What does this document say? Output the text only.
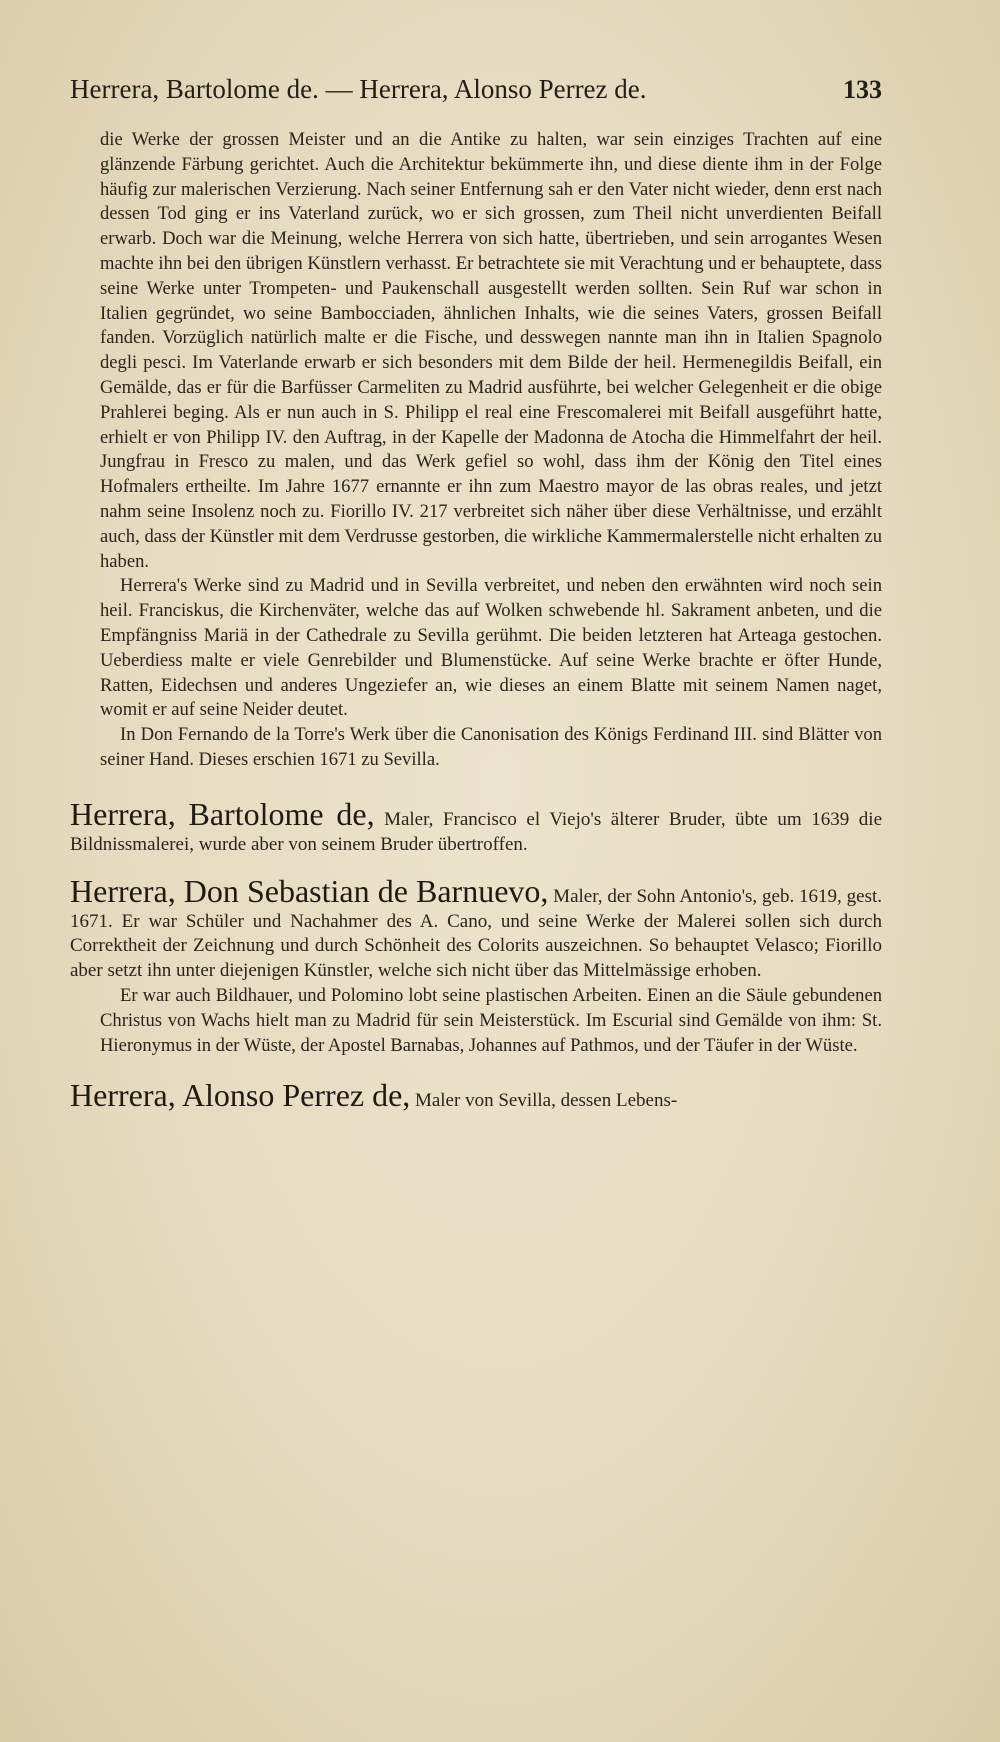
Herrera, Bartolome de. — Herrera, Alonso Perrez de.	133

die Werke der grossen Meister und an die Antike zu halten, war sein einziges Trachten auf eine glänzende Färbung gerichtet. Auch die Architektur bekümmerte ihn, und diese diente ihm in der Folge häufig zur malerischen Verzierung. Nach seiner Entfernung sah er den Vater nicht wieder, denn erst nach dessen Tod ging er ins Vaterland zurück, wo er sich grossen, zum Theil nicht unverdienten Beifall erwarb. Doch war die Meinung, welche Herrera von sich hatte, übertrieben, und sein arrogantes Wesen machte ihn bei den übrigen Künstlern verhasst. Er betrachtete sie mit Verachtung und er behauptete, dass seine Werke unter Trompeten- und Paukenschall ausgestellt werden sollten. Sein Ruf war schon in Italien gegründet, wo seine Bambocciaden, ähnlichen Inhalts, wie die seines Vaters, grossen Beifall fanden. Vorzüglich natürlich malte er die Fische, und desswegen nannte man ihn in Italien Spagnolo degli pesci. Im Vaterlande erwarb er sich besonders mit dem Bilde der heil. Hermenegildis Beifall, ein Gemälde, das er für die Barfüsser Carmeliten zu Madrid ausführte, bei welcher Gelegenheit er die obige Prahlerei beging. Als er nun auch in S. Philipp el real eine Frescomalerei mit Beifall ausgeführt hatte, erhielt er von Philipp IV. den Auftrag, in der Kapelle der Madonna de Atocha die Himmelfahrt der heil. Jungfrau in Fresco zu malen, und das Werk gefiel so wohl, dass ihm der König den Titel eines Hofmalers ertheilte. Im Jahre 1677 ernannte er ihn zum Maestro mayor de las obras reales, und jetzt nahm seine Insolenz noch zu. Fiorillo IV. 217 verbreitet sich näher über diese Verhältnisse, und erzählt auch, dass der Künstler mit dem Verdrusse gestorben, die wirkliche Kammermalerstelle nicht erhalten zu haben.

Herrera's Werke sind zu Madrid und in Sevilla verbreitet, und neben den erwähnten wird noch sein heil. Franciskus, die Kirchenväter, welche das auf Wolken schwebende hl. Sakrament anbeten, und die Empfängniss Mariä in der Cathedrale zu Sevilla gerühmt. Die beiden letzteren hat Arteaga gestochen. Ueberdiess malte er viele Genrebilder und Blumenstücke. Auf seine Werke brachte er öfter Hunde, Ratten, Eidechsen und anderes Ungeziefer an, wie dieses an einem Blatte mit seinem Namen naget, womit er auf seine Neider deutet.

In Don Fernando de la Torre's Werk über die Canonisation des Königs Ferdinand III. sind Blätter von seiner Hand. Dieses erschien 1671 zu Sevilla.

Herrera, Bartolome de, Maler, Francisco el Viejo's älterer Bruder, übte um 1639 die Bildnissmalerei, wurde aber von seinem Bruder übertroffen.

Herrera, Don Sebastian de Barnuevo, Maler, der Sohn Antonio's, geb. 1619, gest. 1671. Er war Schüler und Nachahmer des A. Cano, und seine Werke der Malerei sollen sich durch Correktheit der Zeichnung und durch Schönheit des Colorits auszeichnen. So behauptet Velasco; Fiorillo aber setzt ihn unter diejenigen Künstler, welche sich nicht über das Mittelmässige erhoben.

Er war auch Bildhauer, und Polomino lobt seine plastischen Arbeiten. Einen an die Säule gebundenen Christus von Wachs hielt man zu Madrid für sein Meisterstück. Im Escurial sind Gemälde von ihm: St. Hieronymus in der Wüste, der Apostel Barnabas, Johannes auf Pathmos, und der Täufer in der Wüste.

Herrera, Alonso Perrez de, Maler von Sevilla, dessen Lebens-
